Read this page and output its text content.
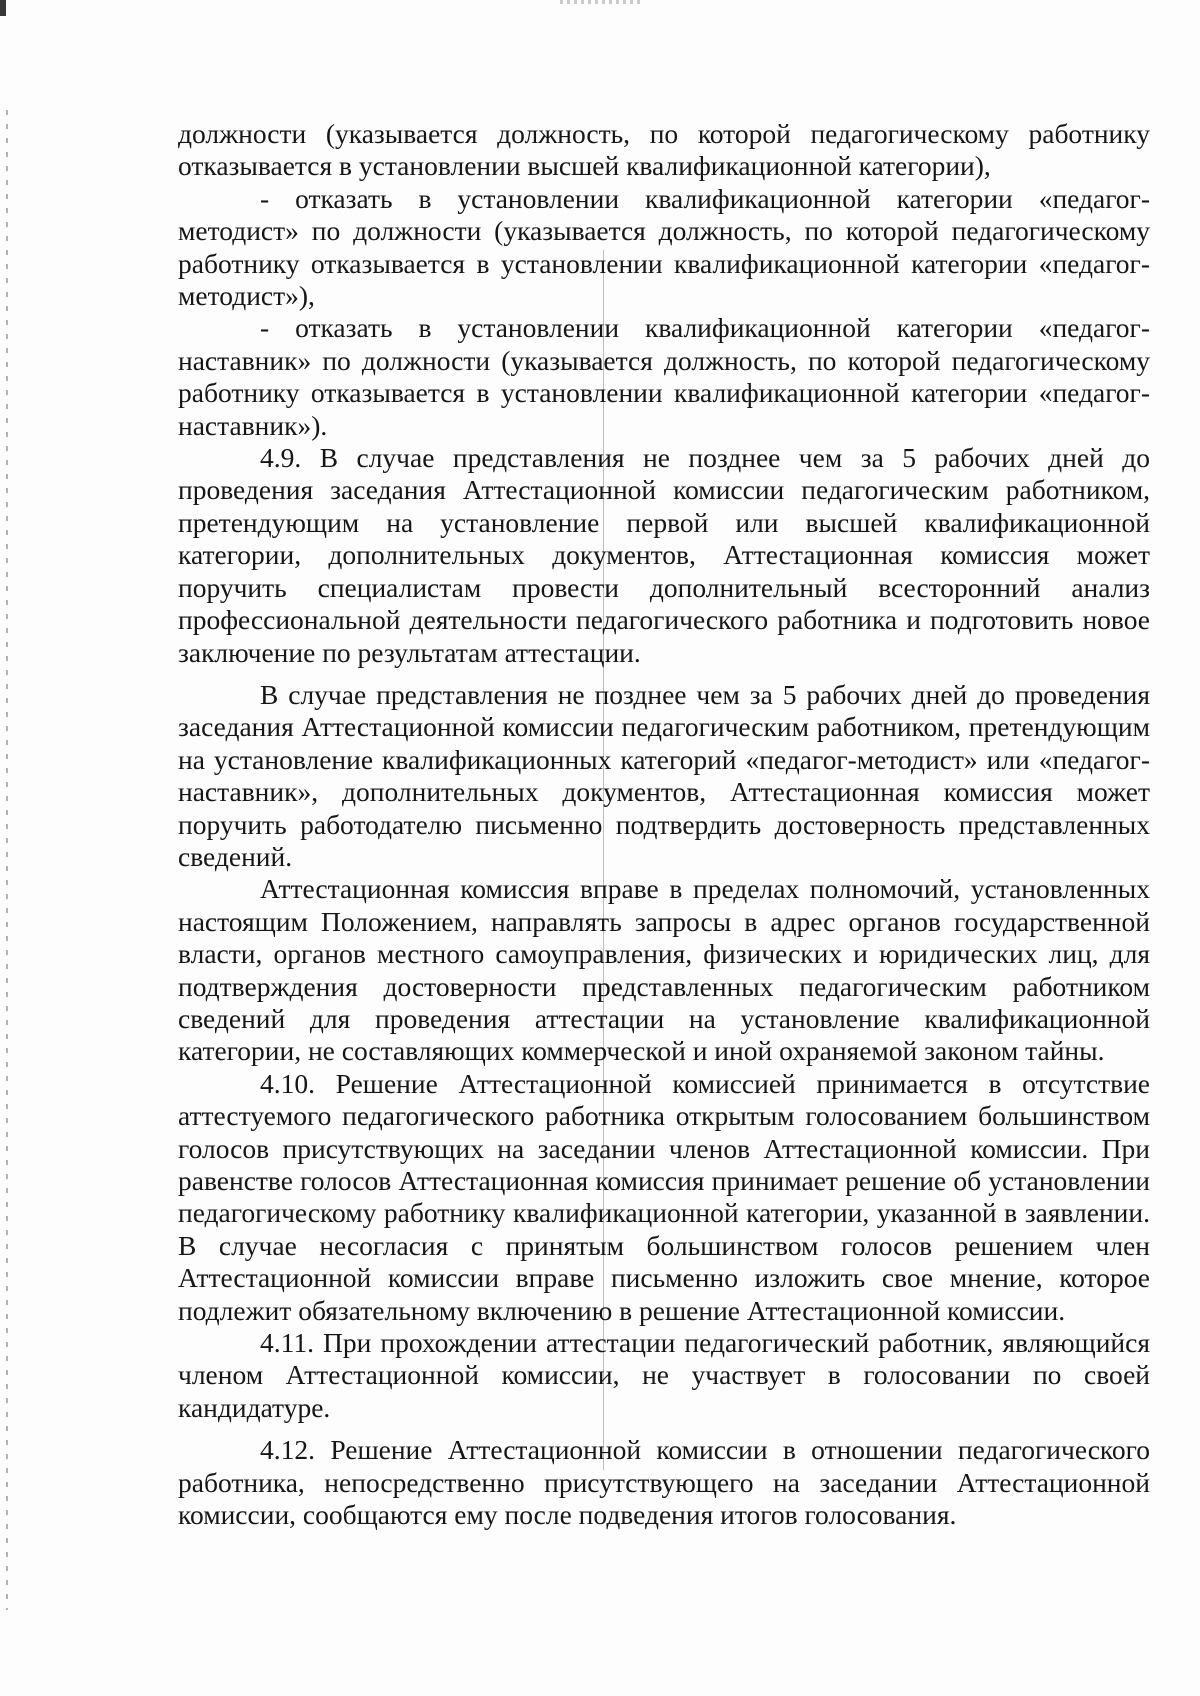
должности (указывается должность, по которой педагогическому работнику отказывается в установлении высшей квалификационной категории),

- отказать в установлении квалификационной категории «педагог-методист» по должности (указывается должность, по которой педагогическому работнику отказывается в установлении квалификационной категории «педагог-методист»),

- отказать в установлении квалификационной категории «педагог-наставник» по должности (указывается должность, по которой педагогическому работнику отказывается в установлении квалификационной категории «педагог-наставник»).

4.9. В случае представления не позднее чем за 5 рабочих дней до проведения заседания Аттестационной комиссии педагогическим работником, претендующим на установление первой или высшей квалификационной категории, дополнительных документов, Аттестационная комиссия может поручить специалистам провести дополнительный всесторонний анализ профессиональной деятельности педагогического работника и подготовить новое заключение по результатам аттестации.

В случае представления не позднее чем за 5 рабочих дней до проведения заседания Аттестационной комиссии педагогическим работником, претендующим на установление квалификационных категорий «педагог-методист» или «педагог-наставник», дополнительных документов, Аттестационная комиссия может поручить работодателю письменно подтвердить достоверность представленных сведений.

Аттестационная комиссия вправе в пределах полномочий, установленных настоящим Положением, направлять запросы в адрес органов государственной власти, органов местного самоуправления, физических и юридических лиц, для подтверждения достоверности представленных педагогическим работником сведений для проведения аттестации на установление квалификационной категории, не составляющих коммерческой и иной охраняемой законом тайны.

4.10. Решение Аттестационной комиссией принимается в отсутствие аттестуемого педагогического работника открытым голосованием большинством голосов присутствующих на заседании членов Аттестационной комиссии. При равенстве голосов Аттестационная комиссия принимает решение об установлении педагогическому работнику квалификационной категории, указанной в заявлении. В случае несогласия с принятым большинством голосов решением член Аттестационной комиссии вправе письменно изложить свое мнение, которое подлежит обязательному включению в решение Аттестационной комиссии.

4.11. При прохождении аттестации педагогический работник, являющийся членом Аттестационной комиссии, не участвует в голосовании по своей кандидатуре.

4.12. Решение Аттестационной комиссии в отношении педагогического работника, непосредственно присутствующего на заседании Аттестационной комиссии, сообщаются ему после подведения итогов голосования.
